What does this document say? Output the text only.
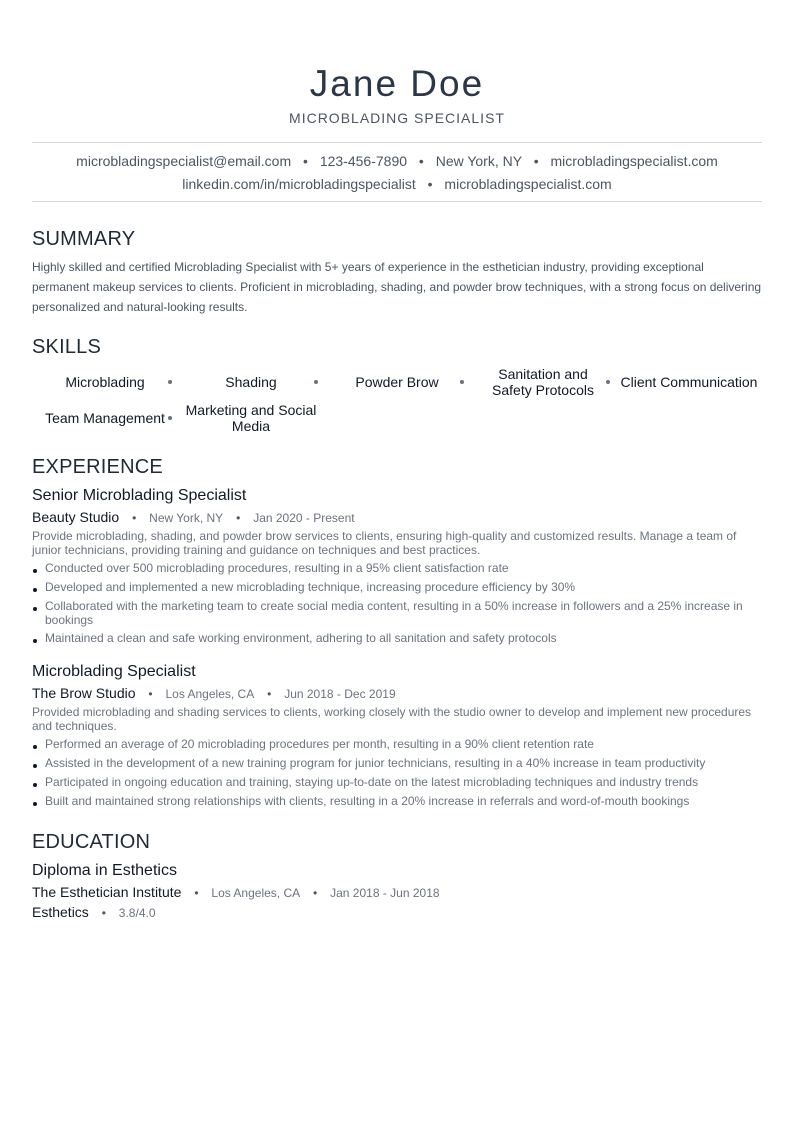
Jane Doe
MICROBLADING SPECIALIST
microbladingspecialist@email.com • 123-456-7890 • New York, NY • microbladingspecialist.com
linkedin.com/in/microbladingspecialist • microbladingspecialist.com
SUMMARY
Highly skilled and certified Microblading Specialist with 5+ years of experience in the esthetician industry, providing exceptional permanent makeup services to clients. Proficient in microblading, shading, and powder brow techniques, with a strong focus on delivering personalized and natural-looking results.
SKILLS
Microblading	Shading	Powder Brow	Sanitation and Safety Protocols	Client Communication
Team Management	Marketing and Social Media
EXPERIENCE
Senior Microblading Specialist
Beauty Studio • New York, NY • Jan 2020 - Present
Provide microblading, shading, and powder brow services to clients, ensuring high-quality and customized results. Manage a team of junior technicians, providing training and guidance on techniques and best practices.
Conducted over 500 microblading procedures, resulting in a 95% client satisfaction rate
Developed and implemented a new microblading technique, increasing procedure efficiency by 30%
Collaborated with the marketing team to create social media content, resulting in a 50% increase in followers and a 25% increase in bookings
Maintained a clean and safe working environment, adhering to all sanitation and safety protocols
Microblading Specialist
The Brow Studio • Los Angeles, CA • Jun 2018 - Dec 2019
Provided microblading and shading services to clients, working closely with the studio owner to develop and implement new procedures and techniques.
Performed an average of 20 microblading procedures per month, resulting in a 90% client retention rate
Assisted in the development of a new training program for junior technicians, resulting in a 40% increase in team productivity
Participated in ongoing education and training, staying up-to-date on the latest microblading techniques and industry trends
Built and maintained strong relationships with clients, resulting in a 20% increase in referrals and word-of-mouth bookings
EDUCATION
Diploma in Esthetics
The Esthetician Institute • Los Angeles, CA • Jan 2018 - Jun 2018
Esthetics • 3.8/4.0
